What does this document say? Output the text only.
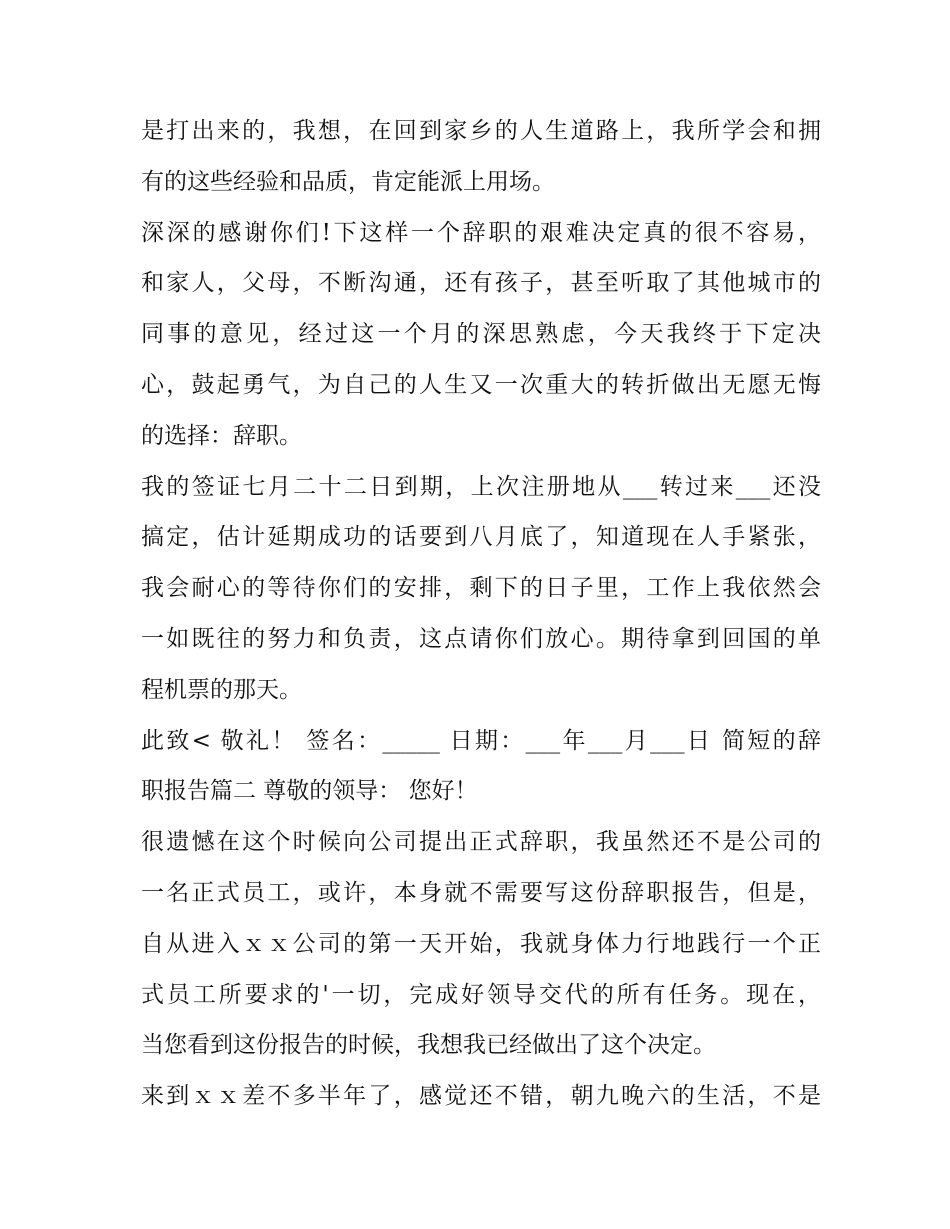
是打出来的，我想，在回到家乡的人生道路上，我所学会和拥
有的这些经验和品质，肯定能派上用场。
深深的感谢你们!下这样一个辞职的艰难决定真的很不容易，
和家人，父母，不断沟通，还有孩子，甚至听取了其他城市的
同事的意见，经过这一个月的深思熟虑，今天我终于下定决
心，鼓起勇气，为自己的人生又一次重大的转折做出无愿无悔
的选择：辞职。
我的签证七月二十二日到期，上次注册地从___转过来___还没
搞定，估计延期成功的话要到八月底了，知道现在人手紧张，
我会耐心的等待你们的安排，剩下的日子里，工作上我依然会
一如既往的努力和负责，这点请你们放心。期待拿到回国的单
程机票的那天。
此致< 敬礼！ 签名：_____ 日期：___年___月___日 简短的辞
职报告篇二 尊敬的领导： 您好！
很遗憾在这个时候向公司提出正式辞职，我虽然还不是公司的
一名正式员工，或许，本身就不需要写这份辞职报告，但是，
自从进入ｘｘ公司的第一天开始，我就身体力行地践行一个正
式员工所要求的'一切，完成好领导交代的所有任务。现在，
当您看到这份报告的时候，我想我已经做出了这个决定。
来到ｘｘ差不多半年了，感觉还不错，朝九晚六的生活，不是
